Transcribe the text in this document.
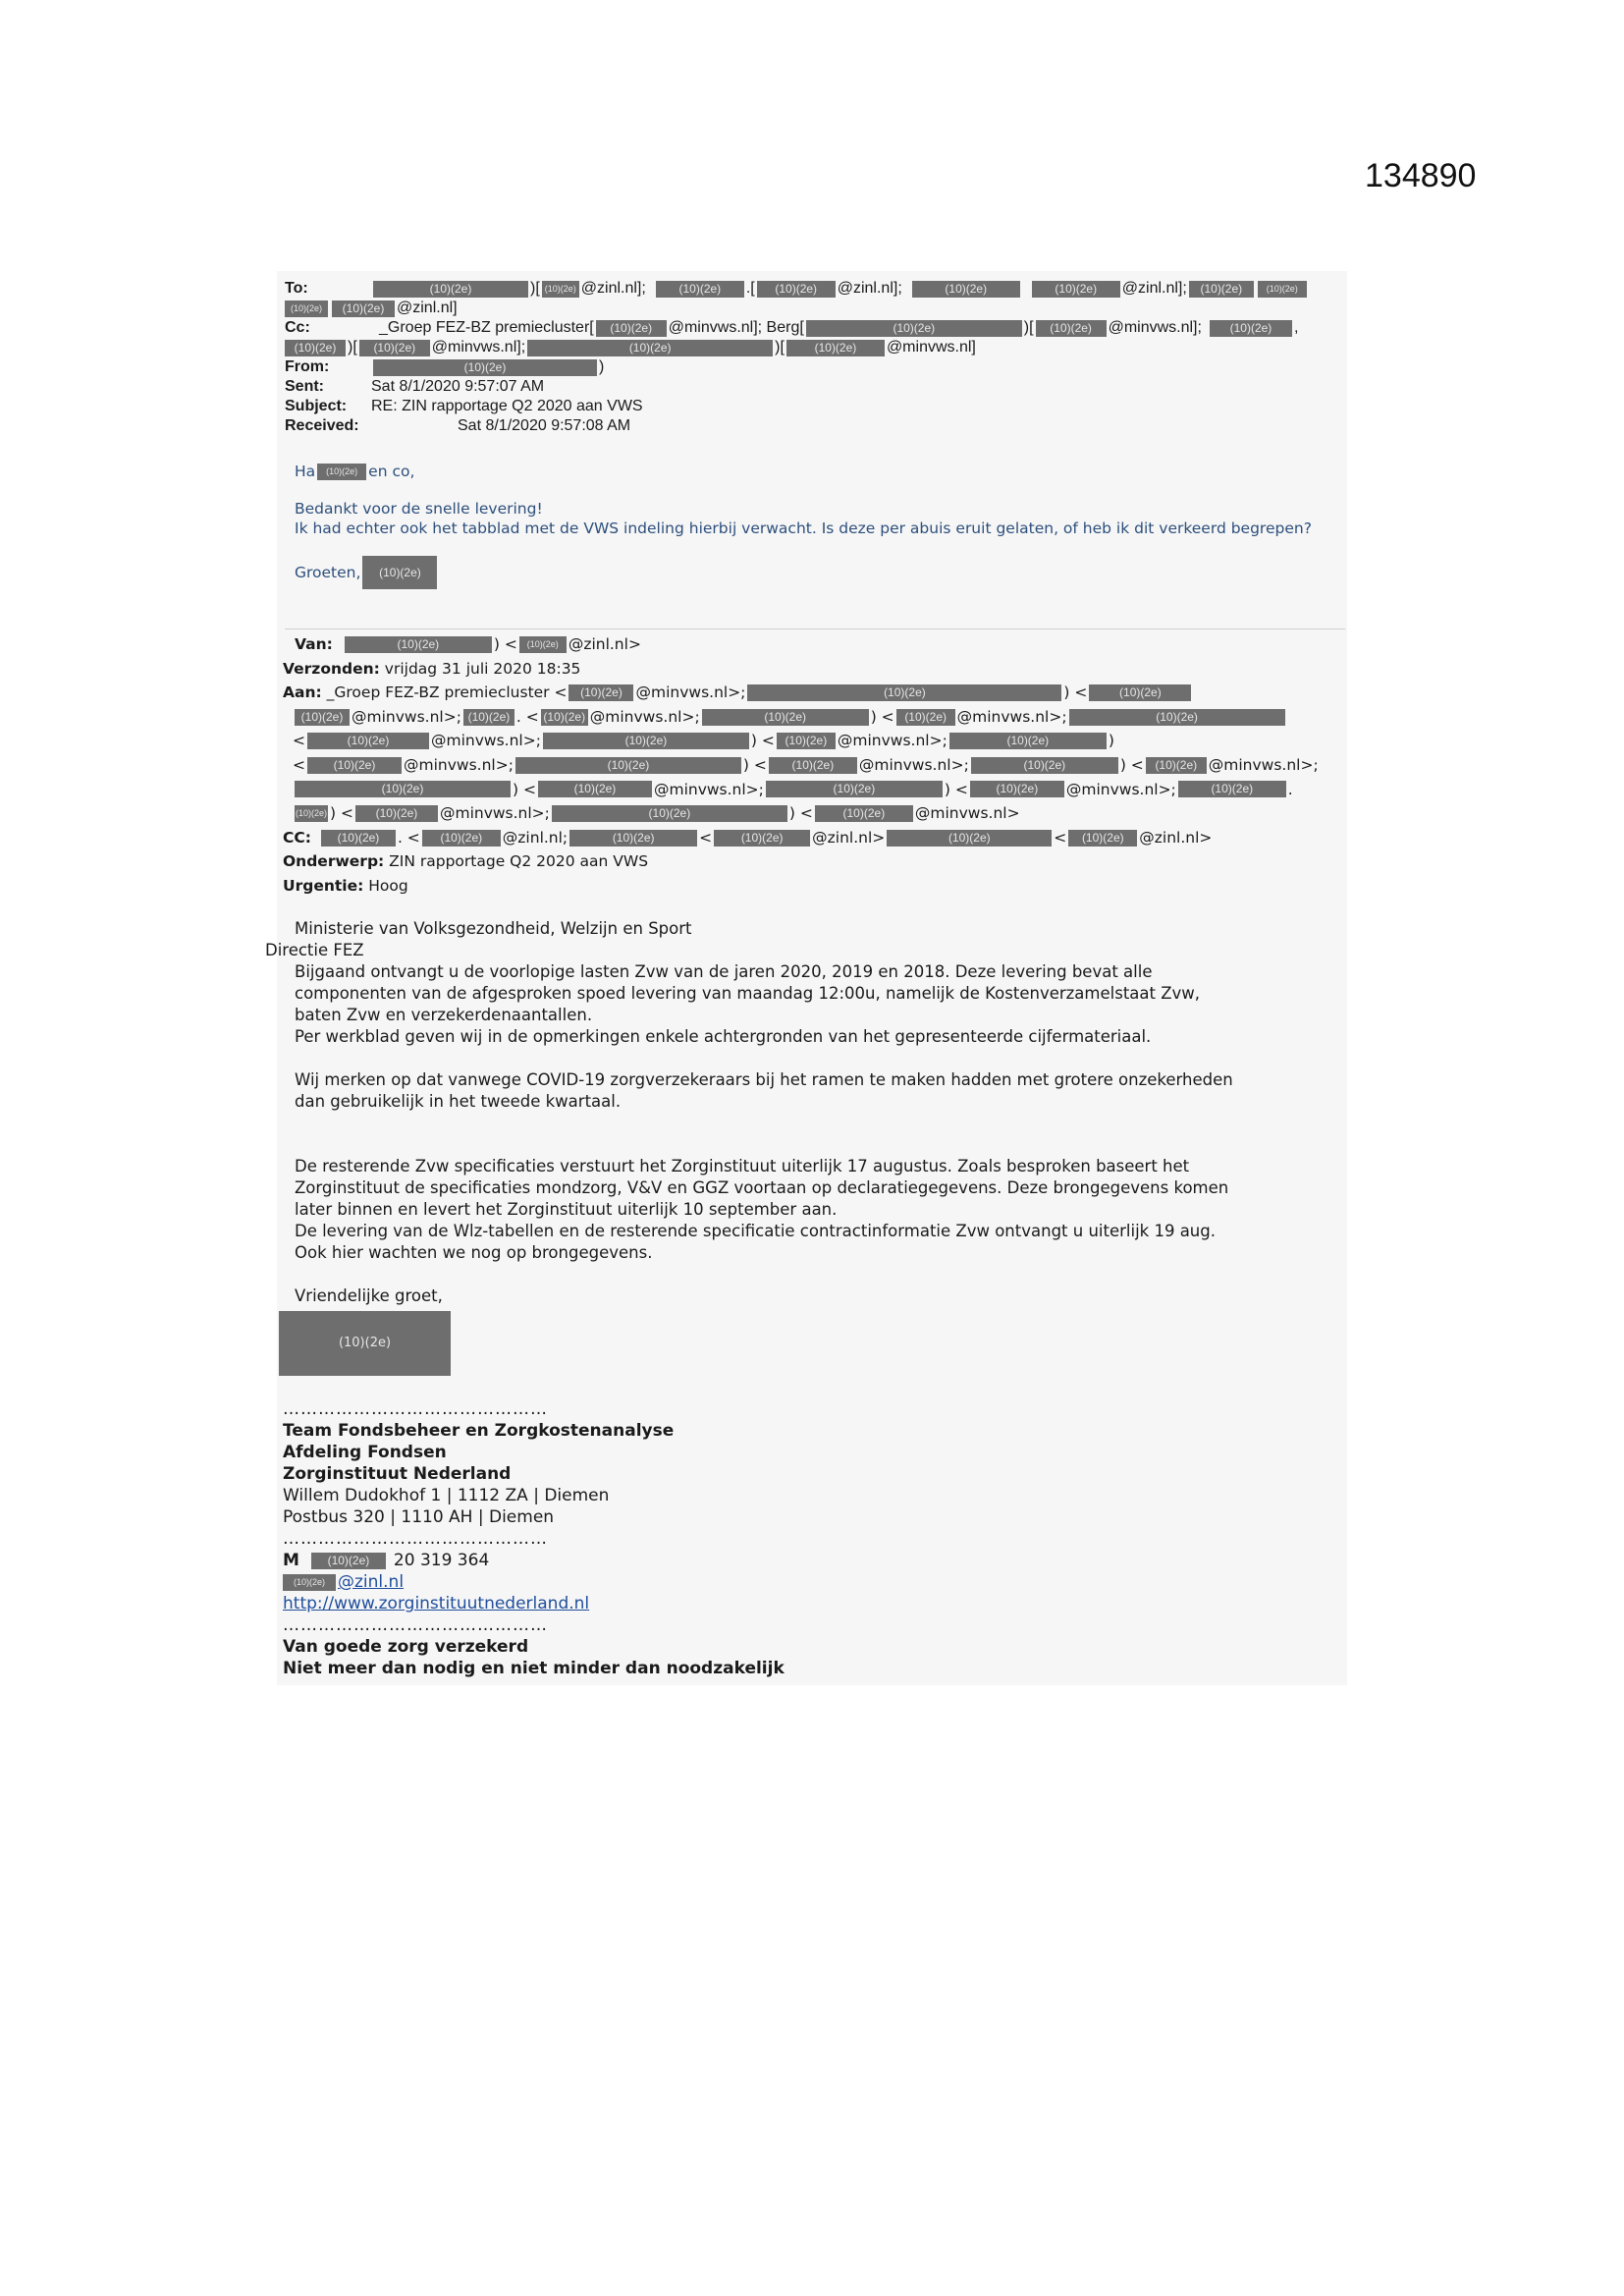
134890
To:	(10)(2e)	)[ (10)(2e) @zinl.nl];	(10)(2e)	.[	(10)(2e)	@zinl.nl];	(10)(2e)	(10)(2e)	@zinl.nl];	(10)(2e)	(10)(2e)
(10)(2e)	(10)(2e) @zinl.nl]
Cc:	_Groep FEZ-BZ premiecluster[	(10)(2e)	@minvws.nl]; Berg[	(10)(2e)	)[	(10)(2e)	@minvws.nl];	(10)(2e)	,
(10)(2e) )[	(10)(2e)	@minvws.nl];	(10)(2e)	)[	(10)(2e)	@minvws.nl]
From:	(10)(2e)	)
Sent:	Sat 8/1/2020 9:57:07 AM
Subject:	RE: ZIN rapportage Q2 2020 aan VWS
Received:	Sat 8/1/2020 9:57:08 AM

Ha (10)(2e) en co,

Bedankt voor de snelle levering!
Ik had echter ook het tabblad met de VWS indeling hierbij verwacht. Is deze per abuis eruit gelaten, of heb ik dit verkeerd begrepen?

Groeten,	(10)(2e)

Van:	(10)(2e)	) <	(10)(2e) @zinl.nl>
Verzonden:
vrijdag 31 juli 2020 18:35
Aan:
_Groep FEZ-BZ premiecluster <	(10)(2e) @minvws.nl>;	(10)(2e)	) <	(10)(2e)
(10)(2e) @minvws.nl>; (10)(2e) . < (10)(2e) @minvws.nl>;	(10)(2e)	) < (10)(2e) @minvws.nl>;	(10)(2e)
<	(10)(2e)	@minvws.nl>;	(10)(2e)	) < (10)(2e) @minvws.nl>;	(10)(2e)	)
<	(10)(2e)	@minvws.nl>;	(10)(2e)	) <	(10)(2e)	@minvws.nl>;	(10)(2e)	) < (10)(2e) @minvws.nl>;
(10)(2e)	) <	(10)(2e)	@minvws.nl>;	(10)(2e)	) <	(10)(2e)	@minvws.nl>;	(10)(2e)	.
(10)(2e) ) <	(10)(2e)	@minvws.nl>;	(10)(2e)	) <	(10)(2e)	@minvws.nl>
CC:	(10)(2e)	. <	(10)(2e)	@zinl.nl;	(10)(2e)	<	(10)(2e)	@zinl.nl>	(10)(2e)	<	(10)(2e)	@zinl.nl>
Onderwerp:
ZIN rapportage Q2 2020 aan VWS
Urgentie:
Hoog

Ministerie van Volksgezondheid, Welzijn en Sport

Directie FEZ

Bijgaand ontvangt u de voorlopige lasten Zvw van de jaren 2020, 2019 en 2018. Deze levering bevat alle

componenten van de afgesproken spoed levering van maandag 12:00u, namelijk de Kostenverzamelstaat Zvw,

baten Zvw en verzekerdenaantallen.

Per werkblad geven wij in de opmerkingen enkele achtergronden van het gepresenteerde cijfermateriaal.

Wij merken op dat vanwege COVID-19 zorgverzekeraars bij het ramen te maken hadden met grotere onzekerheden

dan gebruikelijk in het tweede kwartaal.

De resterende Zvw specificaties verstuurt het Zorginstituut uiterlijk 17 augustus. Zoals besproken baseert het

Zorginstituut de specificaties mondzorg, V&V en GGZ voortaan op declaratiegegevens. Deze brongegevens komen

later binnen en levert het Zorginstituut uiterlijk 10 september aan.

De levering van de Wlz-tabellen en de resterende specificatie contractinformatie Zvw ontvangt u uiterlijk 19 aug.

Ook hier wachten we nog op brongegevens.

Vriendelijke groet,

(10)(2e)
………………………………………
Team Fondsbeheer en Zorgkostenanalyse
Afdeling Fondsen
Zorginstituut Nederland
Willem Dudokhof 1 | 1112 ZA | Diemen
Postbus 320 | 1110 AH | Diemen
………………………………………
M	(10)(2e)	20 319 364
(10)(2e) @zinl.nl
http://www.zorginstituutnederland.nl
………………………………………
Van goede zorg verzekerd
Niet meer dan nodig en niet minder dan noodzakelijk
